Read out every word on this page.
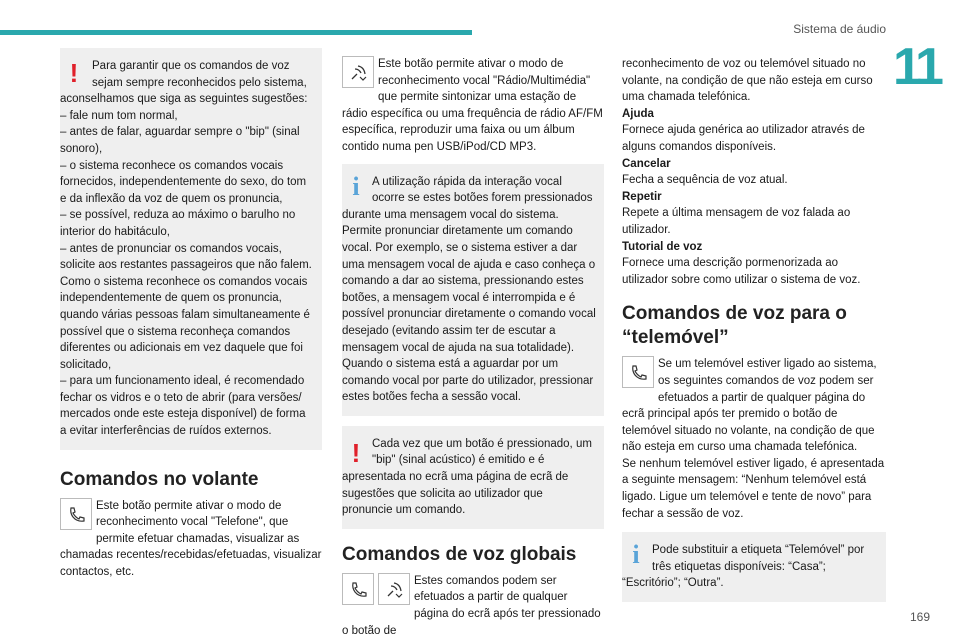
Sistema de áudio
11
169
!	Para garantir que os comandos de voz sejam sempre reconhecidos pelo sistema, aconselhamos que siga as seguintes sugestões:
– fale num tom normal,
– antes de falar, aguardar sempre o "bip" (sinal sonoro),
– o sistema reconhece os comandos vocais fornecidos, independentemente do sexo, do tom e da inflexão da voz de quem os pronuncia,
– se possível, reduza ao máximo o barulho no interior do habitáculo,
– antes de pronunciar os comandos vocais, solicite aos restantes passageiros que não falem. Como o sistema reconhece os comandos vocais independentemente de quem os pronuncia, quando várias pessoas falam simultaneamente é possível que o sistema reconheça comandos diferentes ou adicionais em vez daquele que foi solicitado,
– para um funcionamento ideal, é recomendado fechar os vidros e o teto de abrir (para versões/ mercados onde este esteja disponível) de forma a evitar interferências de ruídos externos.
Comandos no volante
Este botão permite ativar o modo de reconhecimento vocal "Telefone", que permite efetuar chamadas, visualizar as chamadas recentes/recebidas/efetuadas, visualizar contactos, etc.
Este botão permite ativar o modo de reconhecimento vocal "Rádio/Multimédia" que permite sintonizar uma estação de rádio específica ou uma frequência de rádio AF/FM específica, reproduzir uma faixa ou um álbum contido numa pen USB/iPod/CD MP3.
i	A utilização rápida da interação vocal ocorre se estes botões forem pressionados durante uma mensagem vocal do sistema. Permite pronunciar diretamente um comando vocal. Por exemplo, se o sistema estiver a dar uma mensagem vocal de ajuda e caso conheça o comando a dar ao sistema, pressionando estes botões, a mensagem vocal é interrompida e é possível pronunciar diretamente o comando vocal desejado (evitando assim ter de escutar a mensagem vocal de ajuda na sua totalidade). Quando o sistema está a aguardar por um comando vocal por parte do utilizador, pressionar estes botões fecha a sessão vocal.
!	Cada vez que um botão é pressionado, um "bip" (sinal acústico) é emitido e é apresentada no ecrã uma página de ecrã de sugestões que solicita ao utilizador que pronuncie um comando.
Comandos de voz globais
Estes comandos podem ser efetuados a partir de qualquer página do ecrã após ter pressionado o botão de
reconhecimento de voz ou telemóvel situado no volante, na condição de que não esteja em curso uma chamada telefónica.
Ajuda
Fornece ajuda genérica ao utilizador através de alguns comandos disponíveis.
Cancelar
Fecha a sequência de voz atual.
Repetir
Repete a última mensagem de voz falada ao utilizador.
Tutorial de voz
Fornece uma descrição pormenorizada ao utilizador sobre como utilizar o sistema de voz.
Comandos de voz para o “telemóvel”
Se um telemóvel estiver ligado ao sistema, os seguintes comandos de voz podem ser efetuados a partir de qualquer página do ecrã principal após ter premido o botão de telemóvel situado no volante, na condição de que não esteja em curso uma chamada telefónica.
Se nenhum telemóvel estiver ligado, é apresentada a seguinte mensagem: “Nenhum telemóvel está ligado. Ligue um telemóvel e tente de novo” para fechar a sessão de voz.
i	Pode substituir a etiqueta “Telemóvel” por três etiquetas disponíveis: “Casa”; “Escritório”; “Outra”.
